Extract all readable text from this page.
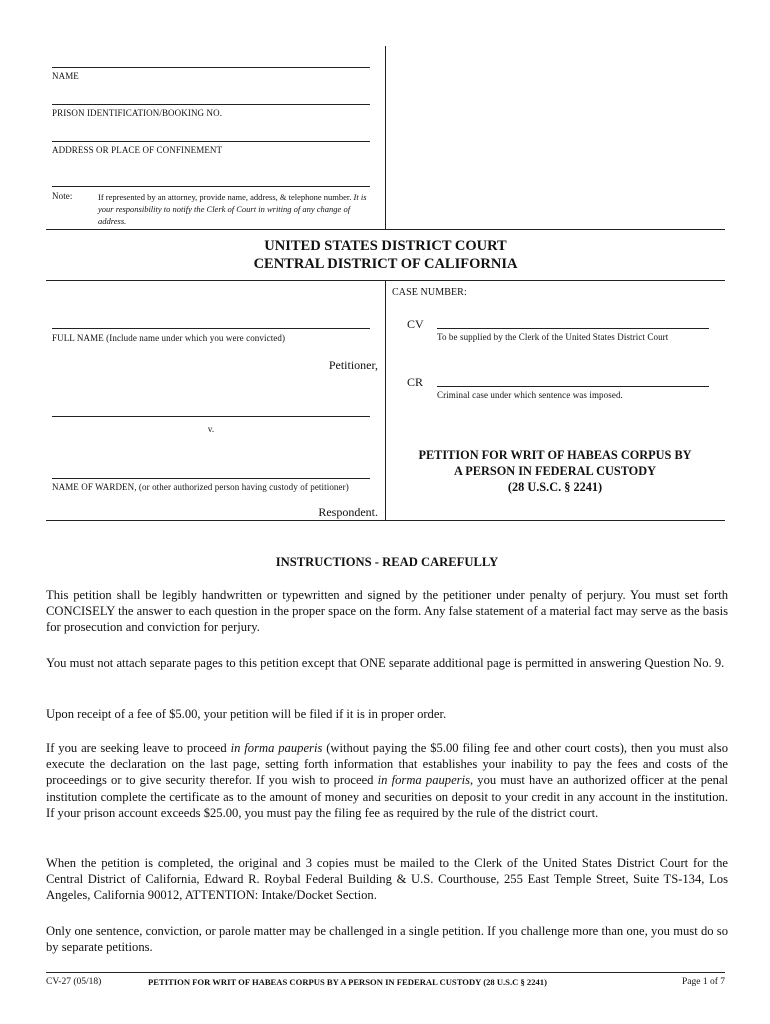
NAME
PRISON IDENTIFICATION/BOOKING NO.
ADDRESS OR PLACE OF CONFINEMENT
Note:	If represented by an attorney, provide name, address, & telephone number. It is your responsibility to notify the Clerk of Court in writing of any change of address.
UNITED STATES DISTRICT COURT
CENTRAL DISTRICT OF CALIFORNIA
FULL NAME (Include name under which you were convicted)
Petitioner,
v.
NAME OF WARDEN, (or other authorized person having custody of petitioner)
Respondent.
CASE NUMBER:
CV
To be supplied by the Clerk of the United States District Court
CR
Criminal case under which sentence was imposed.
PETITION FOR WRIT OF HABEAS CORPUS BY
A PERSON IN FEDERAL CUSTODY
(28 U.S.C. § 2241)
INSTRUCTIONS - READ CAREFULLY
This petition shall be legibly handwritten or typewritten and signed by the petitioner under penalty of perjury. You must set forth CONCISELY the answer to each question in the proper space on the form. Any false statement of a material fact may serve as the basis for prosecution and conviction for perjury.
You must not attach separate pages to this petition except that ONE separate additional page is permitted in answering Question No. 9.
Upon receipt of a fee of $5.00, your petition will be filed if it is in proper order.
If you are seeking leave to proceed in forma pauperis (without paying the $5.00 filing fee and other court costs), then you must also execute the declaration on the last page, setting forth information that establishes your inability to pay the fees and costs of the proceedings or to give security therefor. If you wish to proceed in forma pauperis, you must have an authorized officer at the penal institution complete the certificate as to the amount of money and securities on deposit to your credit in any account in the institution. If your prison account exceeds $25.00, you must pay the filing fee as required by the rule of the district court.
When the petition is completed, the original and 3 copies must be mailed to the Clerk of the United States District Court for the Central District of California, Edward R. Roybal Federal Building & U.S. Courthouse, 255 East Temple Street, Suite TS-134, Los Angeles, California 90012, ATTENTION: Intake/Docket Section.
Only one sentence, conviction, or parole matter may be challenged in a single petition. If you challenge more than one, you must do so by separate petitions.
CV-27 (05/18)	PETITION FOR WRIT OF HABEAS CORPUS BY A PERSON IN FEDERAL CUSTODY (28 U.S.C § 2241)	Page 1 of 7
